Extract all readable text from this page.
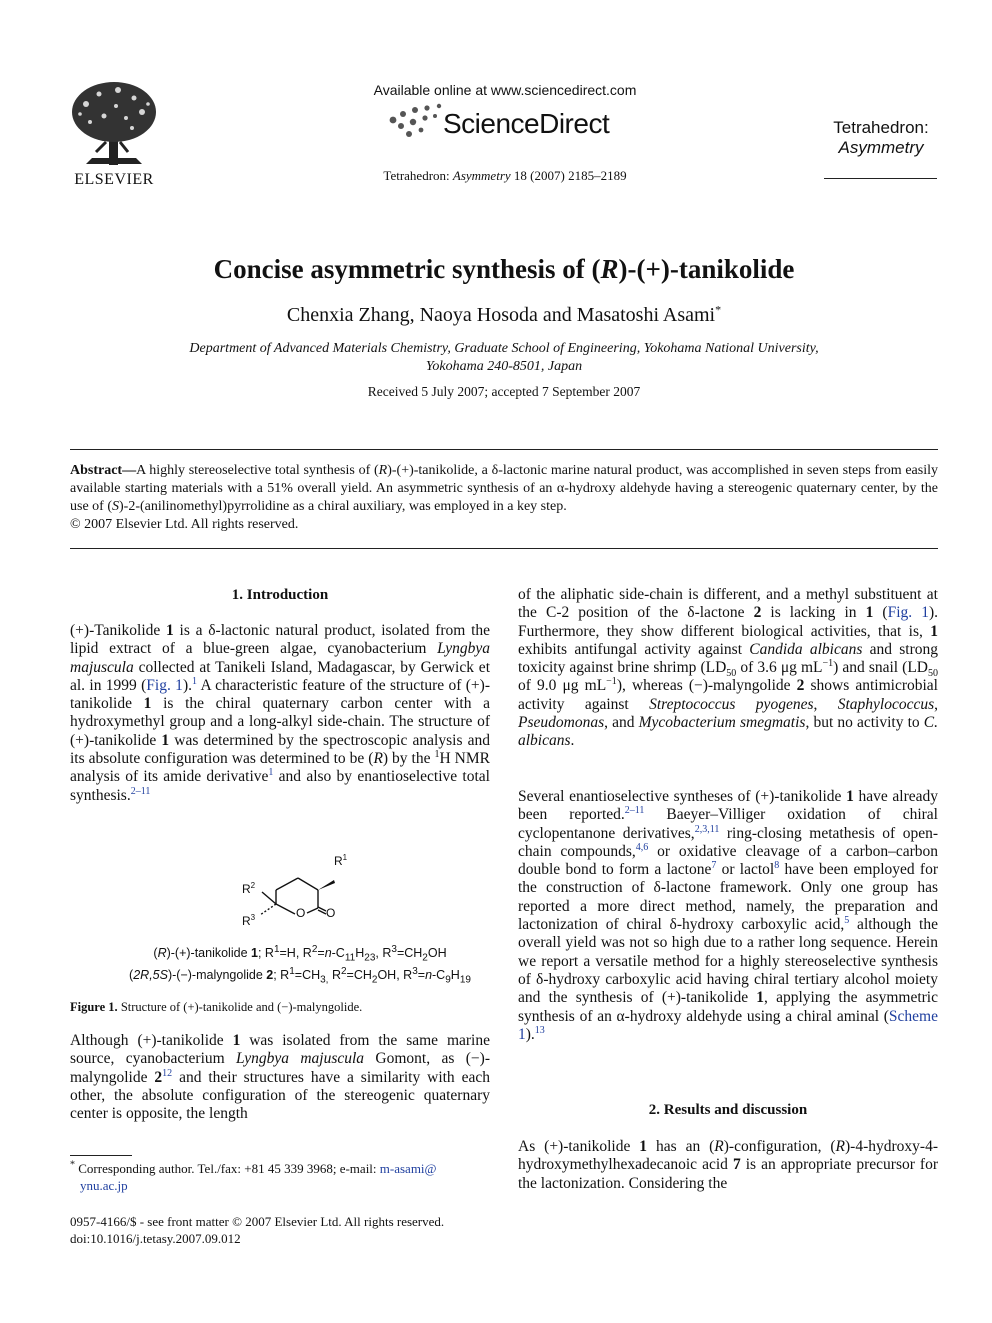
ELSEVIER
Available online at www.sciencedirect.com
ScienceDirect
Tetrahedron: Asymmetry 18 (2007) 2185–2189
Tetrahedron:
Asymmetry
Concise asymmetric synthesis of (R)-(+)-tanikolide
Chenxia Zhang, Naoya Hosoda and Masatoshi Asami*
Department of Advanced Materials Chemistry, Graduate School of Engineering, Yokohama National University,
Yokohama 240-8501, Japan
Received 5 July 2007; accepted 7 September 2007
Abstract—A highly stereoselective total synthesis of (R)-(+)-tanikolide, a δ-lactonic marine natural product, was accomplished in seven steps from easily available starting materials with a 51% overall yield. An asymmetric synthesis of an α-hydroxy aldehyde having a stereogenic quaternary center, by the use of (S)-2-(anilinomethyl)pyrrolidine as a chiral auxiliary, was employed in a key step.
© 2007 Elsevier Ltd. All rights reserved.
1. Introduction

(+)-Tanikolide 1 is a δ-lactonic natural product, isolated from the lipid extract of a blue-green algae, cyanobacterium Lyngbya majuscula collected at Tanikeli Island, Madagascar, by Gerwick et al. in 1999 (Fig. 1).$^1$ A characteristic feature of the structure of (+)-tanikolide 1 is the chiral quaternary carbon center with a hydroxymethyl group and a long-alkyl side-chain. The structure of (+)-tanikolide 1 was determined by the spectroscopic analysis and its absolute configuration was determined to be (R) by the $^1$H NMR analysis of its amide derivative$^1$ and also by enantioselective total synthesis.$^{2-11}$

$R^1$
$R^2$
$R^3$	O O
(R)-(+)-tanikolide 1; $R^1=H$, $R^2=n-C_{11}H_{23}$, $R^3=CH_2OH$
(2R,5S)-(−)-malyngolide 2; $R^1=CH_{3,}$ $R^2=CH_2OH$, $R^3=n-C_9H_{19}$
Figure 1. Structure of (+)-tanikolide and (−)-malyngolide.

Although (+)-tanikolide 1 was isolated from the same marine source, cyanobacterium Lyngbya majuscula Gomont, as (−)-malyngolide $2^{12}$ and their structures have a similarity with each other, the absolute configuration of the stereogenic quaternary center is opposite, the length

* Corresponding author. Tel./fax: +81 45 339 3968; e-mail: m-asami@
ynu.ac.jp
0957-4166/$ - see front matter © 2007 Elsevier Ltd. All rights reserved.
doi:10.1016/j.tetasy.2007.09.012

of the aliphatic side-chain is different, and a methyl substituent at the C-2 position of the δ-lactone 2 is lacking in 1 (Fig. 1). Furthermore, they show different biological activities, that is, 1 exhibits antifungal activity against Candida albicans and strong toxicity against brine shrimp ($LD_{50}$ of 3.6 μg $mL^{-1}$) and snail ($LD_{50}$ of 9.0 μg $mL^{-1}$), whereas (−)-malyngolide 2 shows antimicrobial activity against Streptococcus pyogenes, Staphylococcus, Pseudomonas, and Mycobacterium smegmatis, but no activity to C. albicans.

Several enantioselective syntheses of (+)-tanikolide 1 have already been reported.$^{2-11}$ Baeyer–Villiger oxidation of chiral cyclopentanone derivatives,$^{2,3,11}$ ring-closing metathesis of open-chain compounds,$^{4,6}$ or oxidative cleavage of a carbon–carbon double bond to form a lactone$^7$ or lactol$^8$ have been employed for the construction of δ-lactone framework. Only one group has reported a more direct method, namely, the preparation and lactonization of chiral δ-hydroxy carboxylic acid,$^5$ although the overall yield was not so high due to a rather long sequence. Herein we report a versatile method for a highly stereoselective synthesis of δ-hydroxy carboxylic acid having chiral tertiary alcohol moiety and the synthesis of (+)-tanikolide 1, applying the asymmetric synthesis of an α-hydroxy aldehyde using a chiral aminal (Scheme 1).$^{13}$

2. Results and discussion

As (+)-tanikolide 1 has an (R)-configuration, (R)-4-hydroxy-4-hydroxymethylhexadecanoic acid 7 is an appropriate precursor for the lactonization. Considering the
